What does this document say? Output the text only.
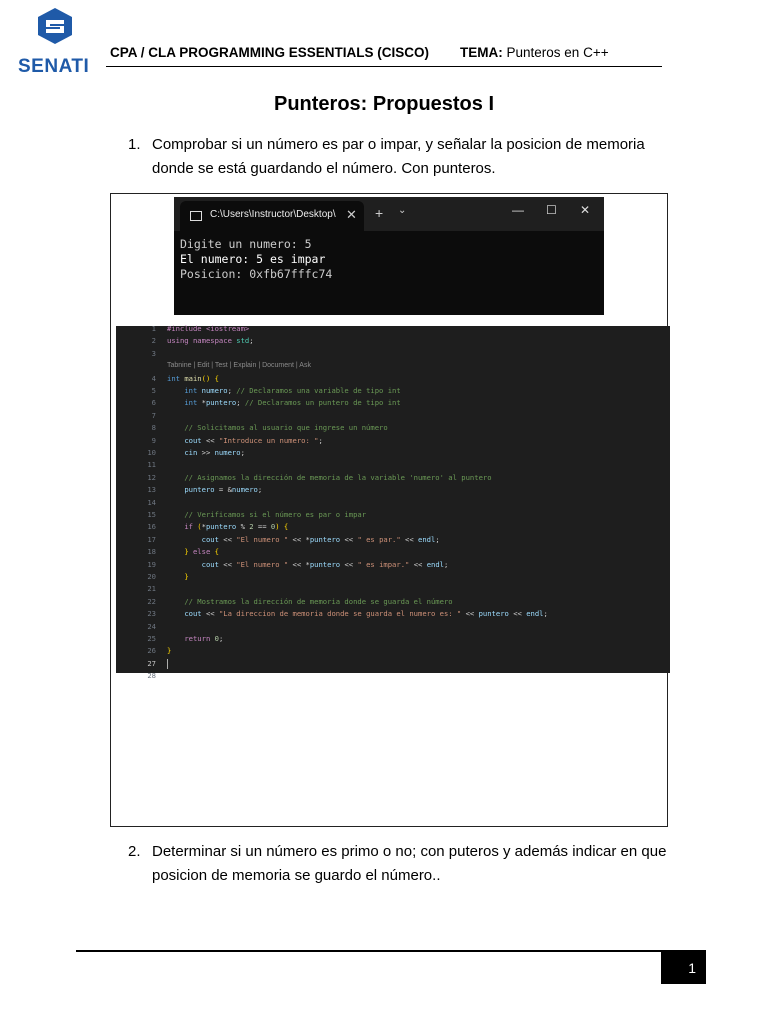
SENATI
CPA / CLA PROGRAMMING ESSENTIALS (CISCO) TEMA: Punteros en C++
Punteros: Propuestos I
1. Comprobar si un número es par o impar, y señalar la posicion de memoria donde se está guardando el número. Con punteros.
C:\Users\Instructor\Desktop\ ✕ + ⌄	— ☐ ✕
Digite un numero: 5
El numero: 5 es impar
Posicion: 0xfb67fffc74
1 #include <iostream>
2 using namespace std;
3
Tabnine | Edit | Test | Explain | Document | Ask
4 int main() {
5	int numero; // Declaramos una variable de tipo int
6	int *puntero; // Declaramos un puntero de tipo int
7
8	// Solicitamos al usuario que ingrese un número
9	cout << "Introduce un numero: ";
10	cin >> numero;
11
12	// Asignamos la dirección de memoria de la variable 'numero' al puntero
13	puntero = &numero;
14
15	// Verificamos si el número es par o impar
16	if (*puntero % 2 == 0) {
17	cout << "El numero " << *puntero << " es par." << endl;
18	} else {
19	cout << "El numero " << *puntero << " es impar." << endl;
20	}
21
22	// Mostramos la dirección de memoria donde se guarda el número
23	cout << "La direccion de memoria donde se guarda el numero es: " << puntero << endl;
24
25	return 0;
26 }
27
28
2. Determinar si un número es primo o no; con puteros y además indicar en que posicion de memoria se guardo el número..
1
